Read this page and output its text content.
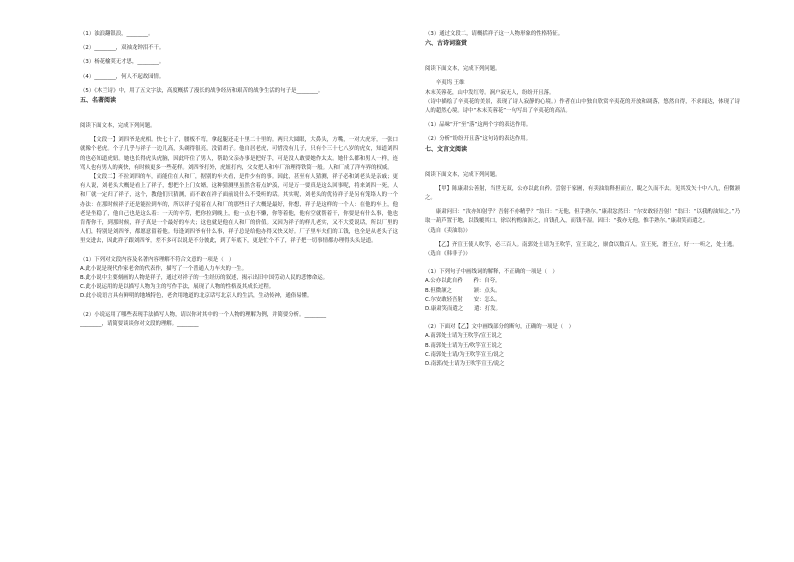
（1）浊浪翻银浪，________。
（2）________，双袖龙钟泪不干。
（3）杨花榆荚无才思，________。
（4）________，何人不起故园情。
（5）《木兰诗》中，用了五文字法，高度概括了漫长的战争经历和艰苦的战争生活的句子是________。
五、名著阅读
阅读下面文本，完成下列问题。

【文段一】刘四爷是虎相。快七十了，腰板不弯，拿起腿还走十里二十里的。两只大圆眼，大鼻头，方嘴，一对大虎牙，一张口就像个老虎。个子几乎与祥子一边儿高，头剃得很亮，没留胡子。他自居老虎，可惜没有儿子，只有个三十七八岁的虎女，知道刘四的也必知道虎妞。她也长得虎头虎脑，因此吓住了男人，帮助父亲办事是把好手，可是没人敢要她作太太。她什么都和男人一样，连骂人也有男人的爽快，有时候更多一些花样。刘四爷打外，虎妞打内，父女把人和车厂治理得铁筒一般。人和厂成了洋车界的权威。

【文段二】不拉刘四的车，而能住在人和厂，据别的车夫看，是件少有的事。因此，甚至有人猜测，祥子必和刘老头是亲戚；更有人说，刘老头大概是看上了祥子，想把个上门女婿，这种猜测里虽然含着点妒羡，可是万一要真是这么回事呢，将来刘四一死，人和厂就一定归了祥子，这个，教他们只猜测，而不敢在祥子面前说什么不受听的话。其实呢，刘老头的优待祥子是另有笼络人的一个办法：在那时候祥子还是能拉到车的，所以祥子觉着在人和厂的那些日子大概是最好，你想，祥子是这样的一个人：在他的车上，他老是坐稳了，他自己也是这么着：一天的辛劳，把你拉到晚上，他一点也不懒，你等着他，他有空就帮着干，你要是有什么事，他也肯帮你干，到那时候，祥子真是一个最好的车夫；这也就是他在人和厂的价值。又因为祥子的样儿老实，又不大爱说话，所以厂里的人们，特别是刘四爷，都愿意留着他。每逢刘四爷有什么事，祥子总是给他办得又快又好。厂子里车夫们的工钱，也全是从老头子这里交进去，因此祥子跟刘四爷，差不多可以说是不分彼此，到了年底下，更是忙个不了，祥子把一切事情都办理得头头是道。

（1）下列对文段内容及名著内容理解不符合文意的一项是（　）
A.此小说是现代作家老舍的代表作，描写了一个普通人力车夫的一生。
B.此小说中主要刻画的人物是祥子，通过对祥子的一生经历的叙述，揭示出旧中国劳动人民的悲惨命运。
C.此小说运用的是以描写人物为主的写作手法，展现了人物的性格及其成长过程。
D.此小说语言具有鲜明的地域特色，老舍用地道的北京话写北京人的生活，生动传神，通俗易懂。
（2）小说运用了哪些表现手法描写人物，请以你对其中的一个人物的理解为例，并简要分析。________
________，请简要谈谈你对文段的理解。________
（3）通过文段二，请概括祥子这一人物形象的性格特征。
六、古诗词鉴赏
阅读下面文本，完成下列问题。

辛夷坞 王维
木末芙蓉花，山中发红萼。涧户寂无人，纷纷开且落。
（诗中描绘了辛夷花的美景，表现了诗人寂静的心境。）作者在山中独自欣赏辛夷花的开放和凋落，悠然自得，不求闻达，体现了诗人的超然心境。诗中“木末芙蓉花”一句写出了辛夷花的高洁。

（1）品味“开”至“落”这两个字的表达作用。
（2）分析“纷纷开且落”这句诗的表达作用。
七、文言文阅读
阅读下面文本，完成下列问题。

【甲】陈康肃公善射，当世无双，公亦以此自矜。尝射于家圃，有卖油翁释担而立，睨之久而不去。见其发矢十中八九，但微颔之。

康肃问曰：“汝亦知射乎？吾射不亦精乎？”翁曰：“无他，但手熟尔。”康肃忿然曰：“尔安敢轻吾射！”翁曰：“以我酌油知之。”乃取一葫芦置于地，以钱覆其口，徐以杓酌油沥之，自钱孔入，而钱不湿。因曰：“我亦无他，惟手熟尔。”康肃笑而遣之。

（选自《卖油翁》）

【乙】齐宣王使人吹竽，必三百人。南郭处士请为王吹竽，宣王说之，廪食以数百人。宣王死，湣王立，好一一听之，处士逃。

（选自《韩非子》）
（1）下列句子中画线词的解释，不正确的一项是（　）
A.公亦以此自矜　　矜：自夸。
B.但微颔之　　　　颔：点头。
C.尔安敢轻吾射　　安：怎么。
D.康肃笑而遣之　　遣：打发。
（2）下面对【乙】文中画线部分的断句，正确的一项是（　）
A.南郭处士请为王吹竽/宣王说之
B.南郭处士请为王/吹竽宣王说之
C.南郭处士请/为王吹竽宣王/说之
D.南郭/处士请为王吹竽宣王/说之
